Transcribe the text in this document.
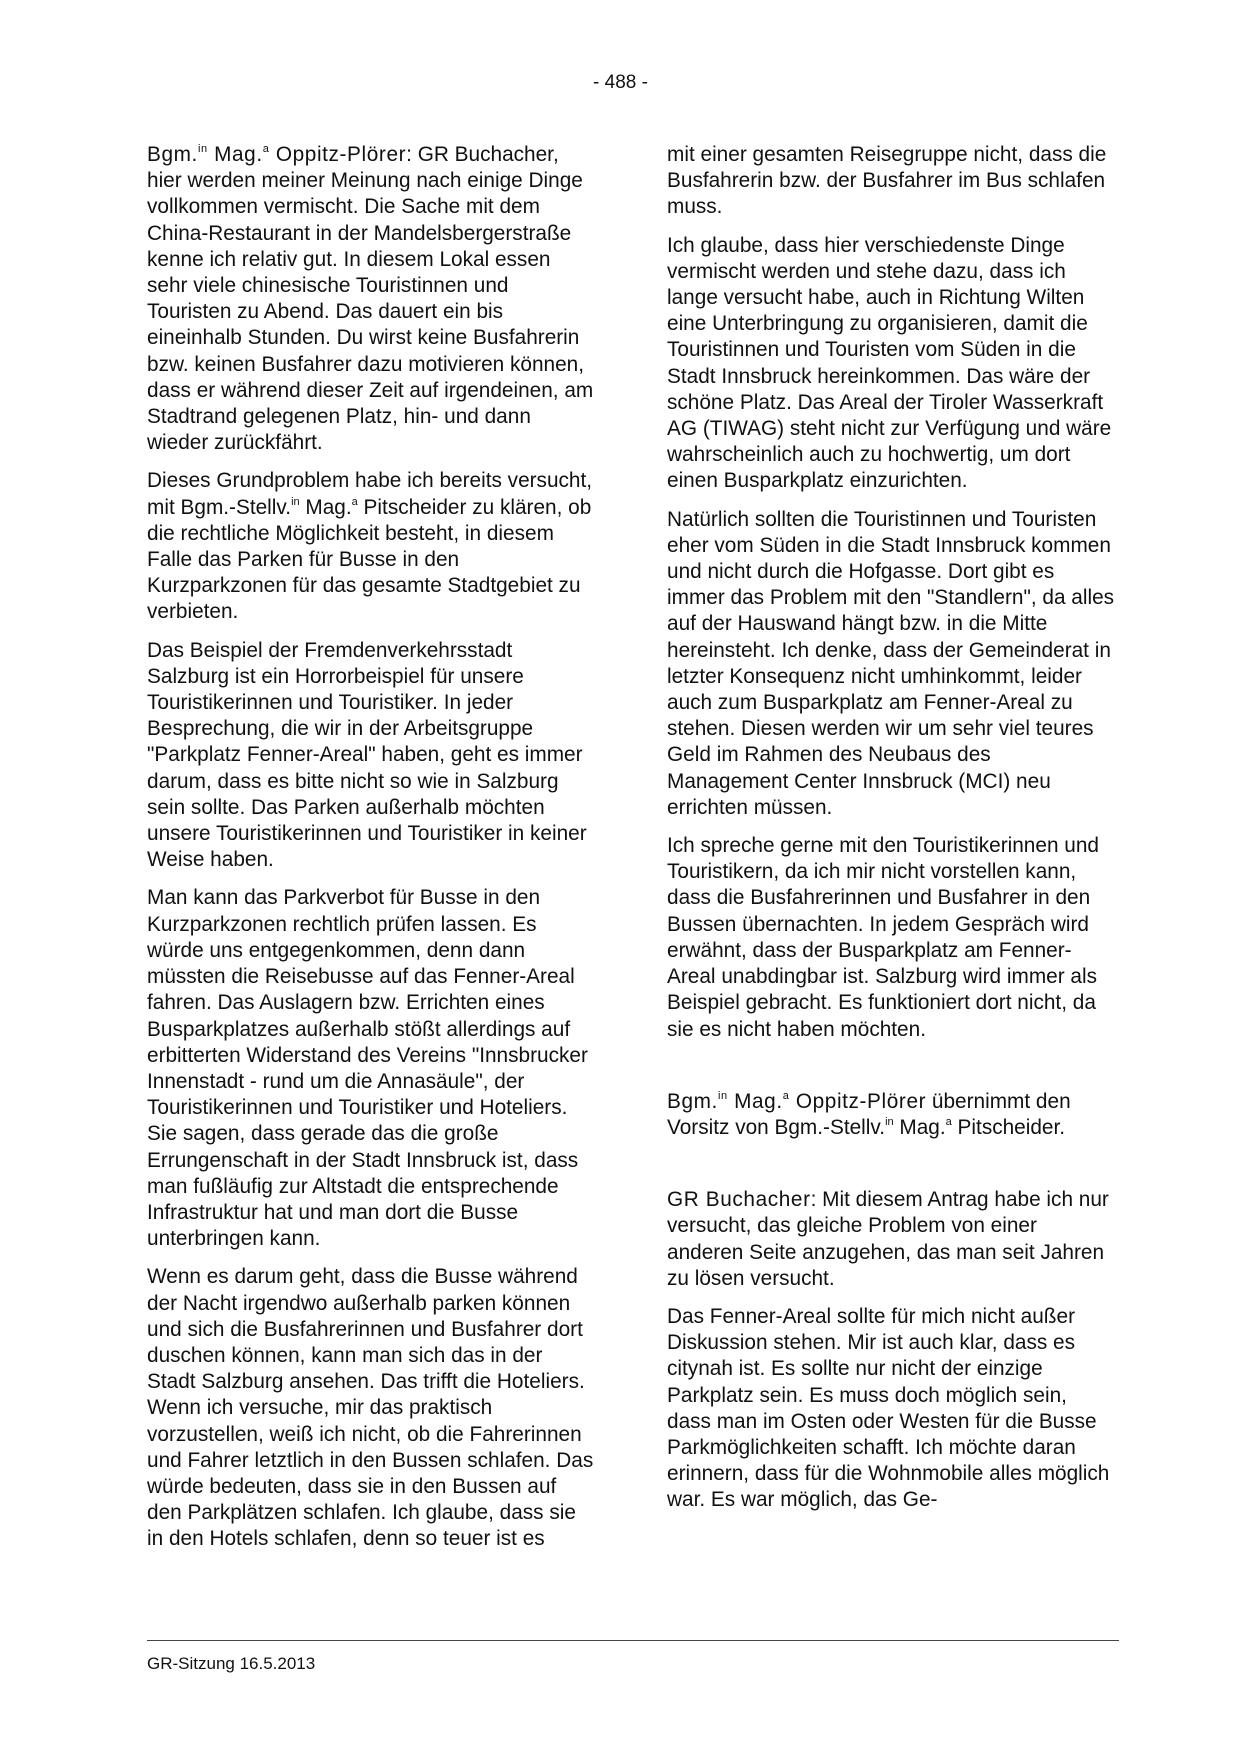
- 488 -

Bgm.$^{in}$ Mag.$^a$ Oppitz-Plörer: GR Buchacher, hier werden meiner Meinung nach einige Dinge vollkommen vermischt. Die Sache mit dem China-Restaurant in der Mandelsbergerstraße kenne ich relativ gut. In diesem Lokal essen sehr viele chinesische Touristinnen und Touristen zu Abend. Das dauert ein bis eineinhalb Stunden. Du wirst keine Busfahrerin bzw. keinen Busfahrer dazu motivieren können, dass er während dieser Zeit auf irgendeinen, am Stadtrand gelegenen Platz, hin- und dann wieder zurückfährt.

Dieses Grundproblem habe ich bereits versucht, mit Bgm.-Stellv.$^{in}$ Mag.$^a$ Pitscheider zu klären, ob die rechtliche Möglichkeit besteht, in diesem Falle das Parken für Busse in den Kurzparkzonen für das gesamte Stadtgebiet zu verbieten.

Das Beispiel der Fremdenverkehrsstadt Salzburg ist ein Horrorbeispiel für unsere Touristikerinnen und Touristiker. In jeder Besprechung, die wir in der Arbeitsgruppe "Parkplatz Fenner-Areal" haben, geht es immer darum, dass es bitte nicht so wie in Salzburg sein sollte. Das Parken außerhalb möchten unsere Touristikerinnen und Touristiker in keiner Weise haben.

Man kann das Parkverbot für Busse in den Kurzparkzonen rechtlich prüfen lassen. Es würde uns entgegenkommen, denn dann müssten die Reisebusse auf das Fenner-Areal fahren. Das Auslagern bzw. Errichten eines Busparkplatzes außerhalb stößt allerdings auf erbitterten Widerstand des Vereins "Innsbrucker Innenstadt - rund um die Annasäule", der Touristikerinnen und Touristiker und Hoteliers. Sie sagen, dass gerade das die große Errungenschaft in der Stadt Innsbruck ist, dass man fußläufig zur Altstadt die entsprechende Infrastruktur hat und man dort die Busse unterbringen kann.

Wenn es darum geht, dass die Busse während der Nacht irgendwo außerhalb parken können und sich die Busfahrerinnen und Busfahrer dort duschen können, kann man sich das in der Stadt Salzburg ansehen. Das trifft die Hoteliers. Wenn ich versuche, mir das praktisch vorzustellen, weiß ich nicht, ob die Fahrerinnen und Fahrer letztlich in den Bussen schlafen. Das würde bedeuten, dass sie in den Bussen auf den Parkplätzen schlafen. Ich glaube, dass sie in den Hotels schlafen, denn so teuer ist es

mit einer gesamten Reisegruppe nicht, dass die Busfahrerin bzw. der Busfahrer im Bus schlafen muss.

Ich glaube, dass hier verschiedenste Dinge vermischt werden und stehe dazu, dass ich lange versucht habe, auch in Richtung Wilten eine Unterbringung zu organisieren, damit die Touristinnen und Touristen vom Süden in die Stadt Innsbruck hereinkommen. Das wäre der schöne Platz. Das Areal der Tiroler Wasserkraft AG (TIWAG) steht nicht zur Verfügung und wäre wahrscheinlich auch zu hochwertig, um dort einen Busparkplatz einzurichten.

Natürlich sollten die Touristinnen und Touristen eher vom Süden in die Stadt Innsbruck kommen und nicht durch die Hofgasse. Dort gibt es immer das Problem mit den "Standlern", da alles auf der Hauswand hängt bzw. in die Mitte hereinsteht. Ich denke, dass der Gemeinderat in letzter Konsequenz nicht umhinkommt, leider auch zum Busparkplatz am Fenner-Areal zu stehen. Diesen werden wir um sehr viel teures Geld im Rahmen des Neubaus des Management Center Innsbruck (MCI) neu errichten müssen.

Ich spreche gerne mit den Touristikerinnen und Touristikern, da ich mir nicht vorstellen kann, dass die Busfahrerinnen und Busfahrer in den Bussen übernachten. In jedem Gespräch wird erwähnt, dass der Busparkplatz am Fenner-Areal unabdingbar ist. Salzburg wird immer als Beispiel gebracht. Es funktioniert dort nicht, da sie es nicht haben möchten.

Bgm.$^{in}$ Mag.$^a$ Oppitz-Plörer übernimmt den Vorsitz von Bgm.-Stellv.$^{in}$ Mag.$^a$ Pitscheider.

GR Buchacher: Mit diesem Antrag habe ich nur versucht, das gleiche Problem von einer anderen Seite anzugehen, das man seit Jahren zu lösen versucht.

Das Fenner-Areal sollte für mich nicht außer Diskussion stehen. Mir ist auch klar, dass es citynah ist. Es sollte nur nicht der einzige Parkplatz sein. Es muss doch möglich sein, dass man im Osten oder Westen für die Busse Parkmöglichkeiten schafft. Ich möchte daran erinnern, dass für die Wohnmobile alles möglich war. Es war möglich, das Ge-

GR-Sitzung 16.5.2013
